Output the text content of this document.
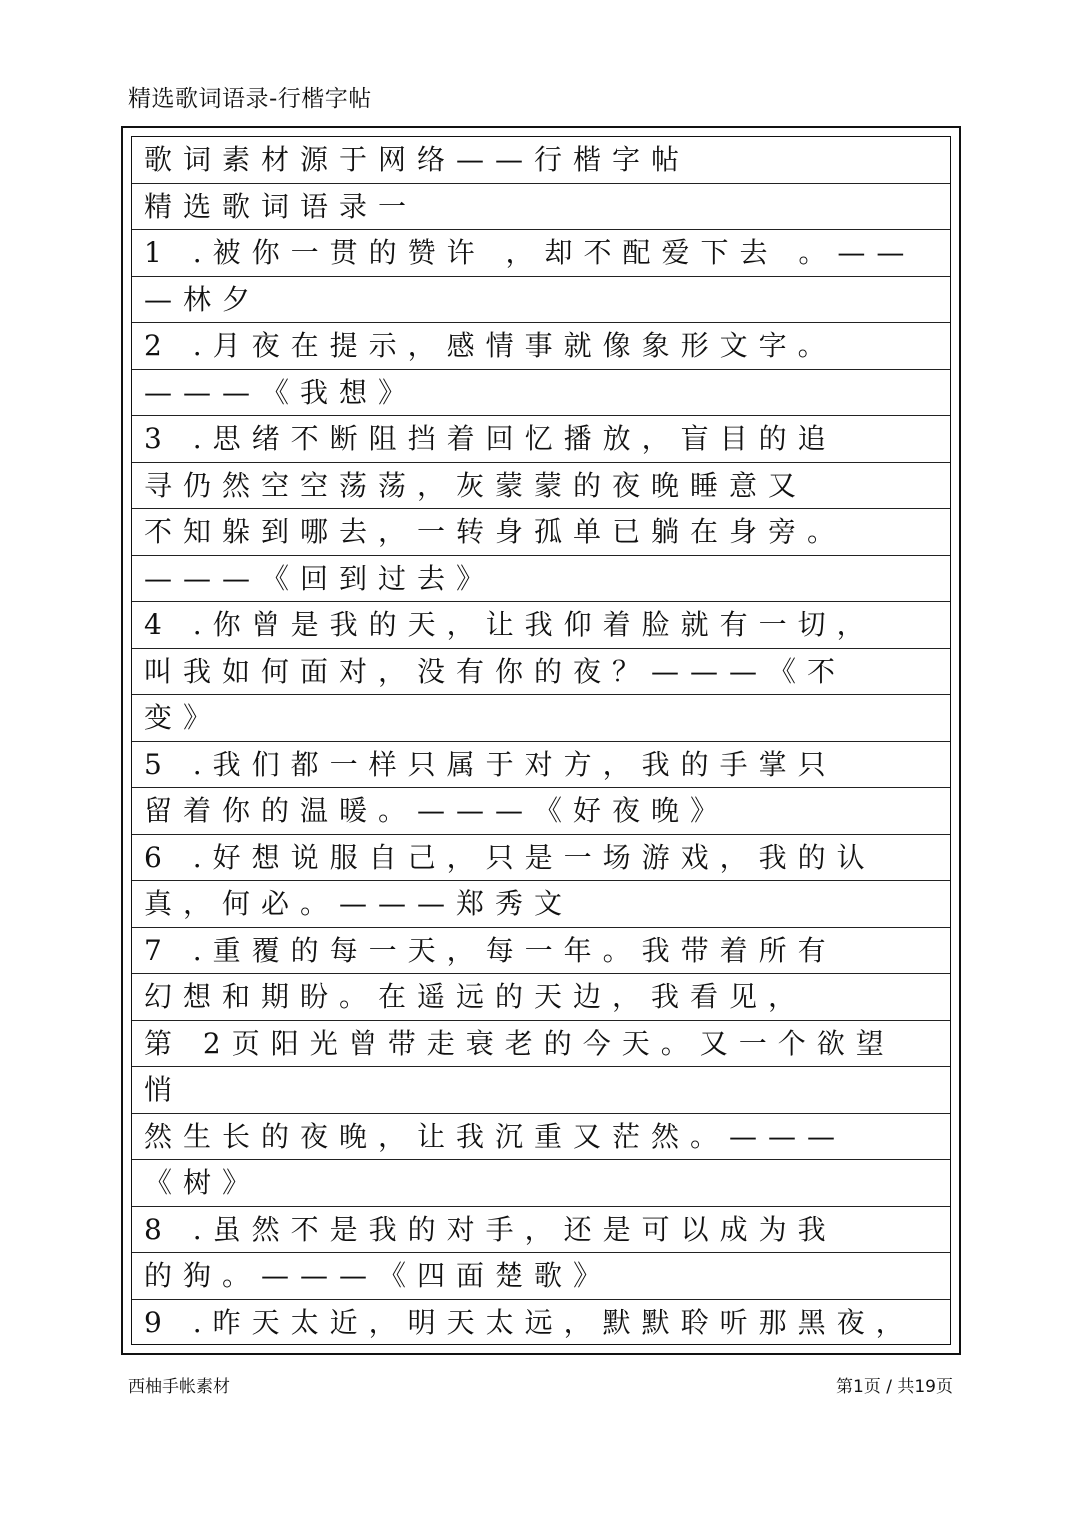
精选歌词语录-行楷字帖
歌词素材源于网络——行楷字帖
精选歌词语录一
1 .被你一贯的赞许 ，却不配爱下去 。——
—林夕
2 .月夜在提示，感情事就像象形文字。
———《我想》
3 .思绪不断阻挡着回忆播放，盲目的追
寻仍然空空荡荡，灰蒙蒙的夜晚睡意又
不知躲到哪去，一转身孤单已躺在身旁。
———《回到过去》
4 .你曾是我的天，让我仰着脸就有一切，
叫我如何面对，没有你的夜？———《不
变》
5 .我们都一样只属于对方，我的手掌只
留着你的温暖。———《好夜晚》
6 .好想说服自己，只是一场游戏，我的认
真，何必。———郑秀文
7 .重覆的每一天，每一年。我带着所有
幻想和期盼。在遥远的天边，我看见，
第 2页阳光曾带走衰老的今天。又一个欲望
悄
然生长的夜晚，让我沉重又茫然。———
《树》
8 .虽然不是我的对手，还是可以成为我
的狗。———《四面楚歌》
9 .昨天太近，明天太远，默默聆听那黑夜，
西柚手帐素材	第1页 / 共19页
